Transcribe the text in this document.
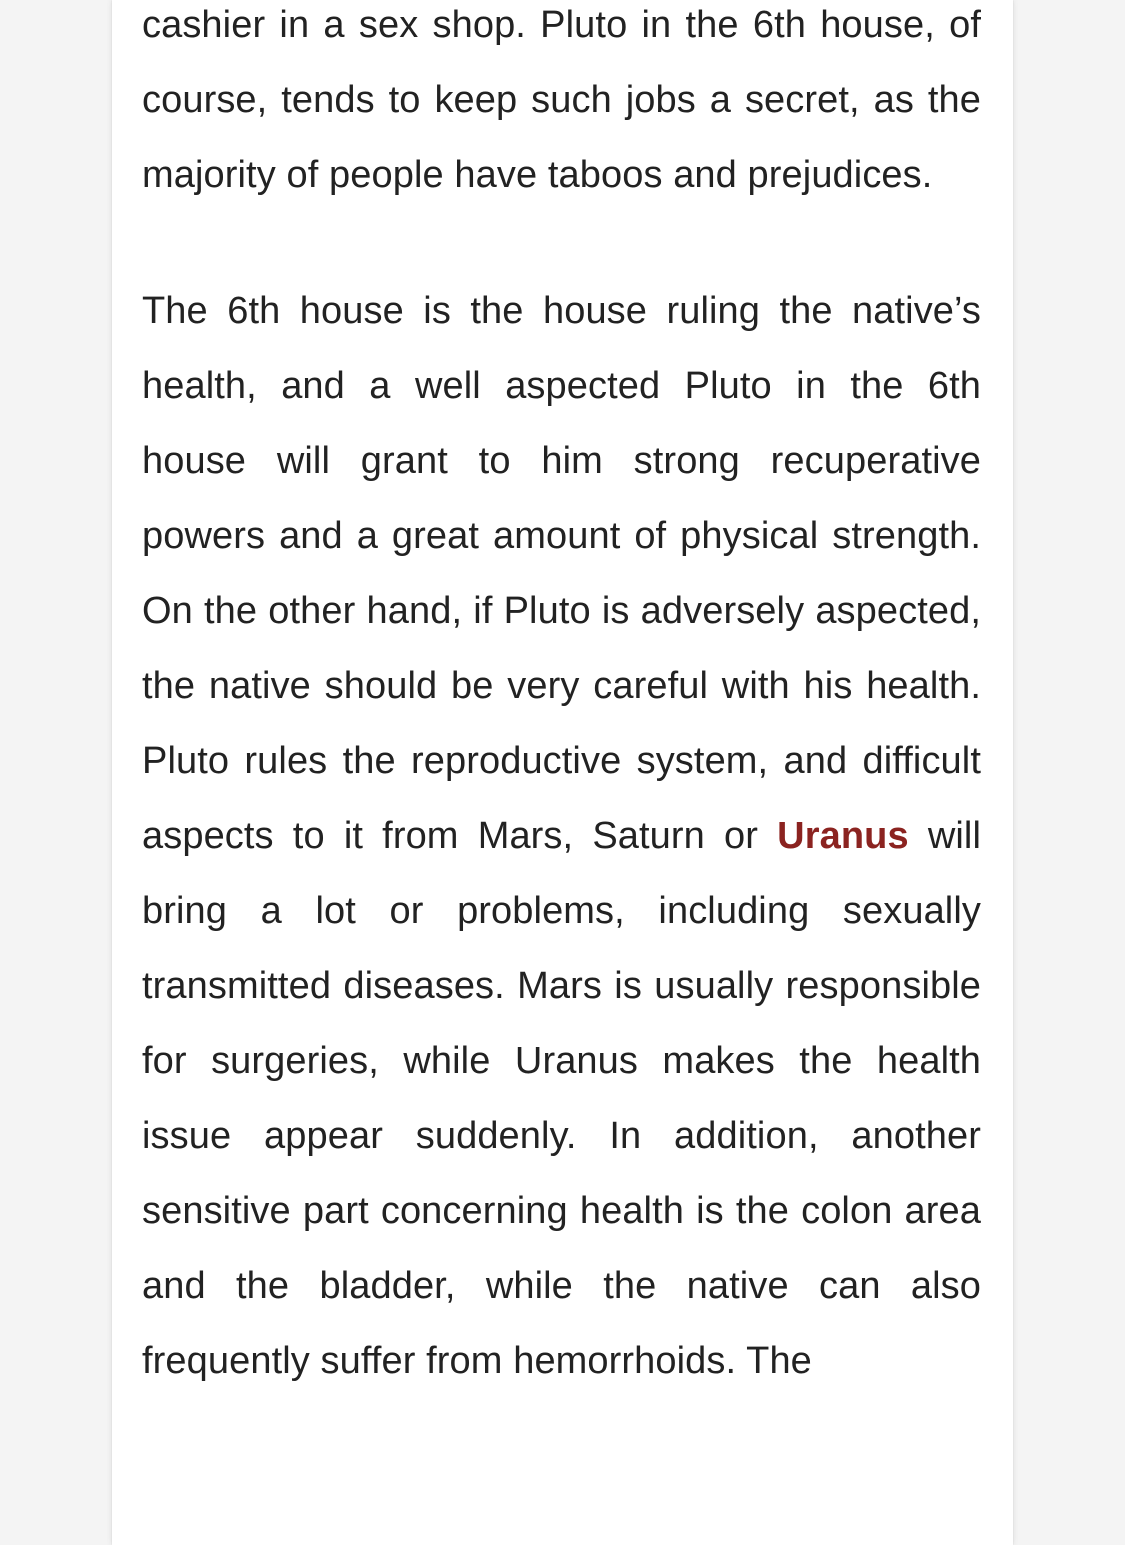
cashier in a sex shop. Pluto in the 6th house, of course, tends to keep such jobs a secret, as the majority of people have taboos and prejudices.

The 6th house is the house ruling the native’s health, and a well aspected Pluto in the 6th house will grant to him strong recuperative powers and a great amount of physical strength. On the other hand, if Pluto is adversely aspected, the native should be very careful with his health. Pluto rules the reproductive system, and difficult aspects to it from Mars, Saturn or Uranus will bring a lot or problems, including sexually transmitted diseases. Mars is usually responsible for surgeries, while Uranus makes the health issue appear suddenly. In addition, another sensitive part concerning health is the colon area and the bladder, while the native can also frequently suffer from hemorrhoids. The
